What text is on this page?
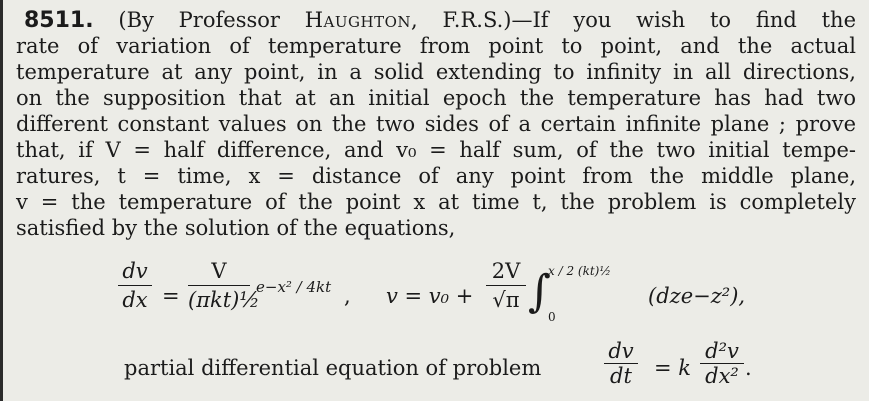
8511. (By Professor Haughton, F.R.S.)—If you wish to find the
rate of variation of temperature from point to point, and the actual
temperature at any point, in a solid extending to infinity in all directions,
on the supposition that at an initial epoch the temperature has had two
different constant values on the two sides of a certain infinite plane ; prove
that, if V = half difference, and v₀ = half sum, of the two initial tempe-
ratures, t = time, x = distance of any point from the middle plane,
v = the temperature of the point x at time t, the problem is completely
satisfied by the solution of the equations,
dv
dx =
V
(πkt)½
e−x² / 4kt , v = v₀ +
2V
√π ∫
x / 2 (kt)½
0
(dze−z²),
partial differential equation of problem
dv
dt = k
d²v
dx² .
